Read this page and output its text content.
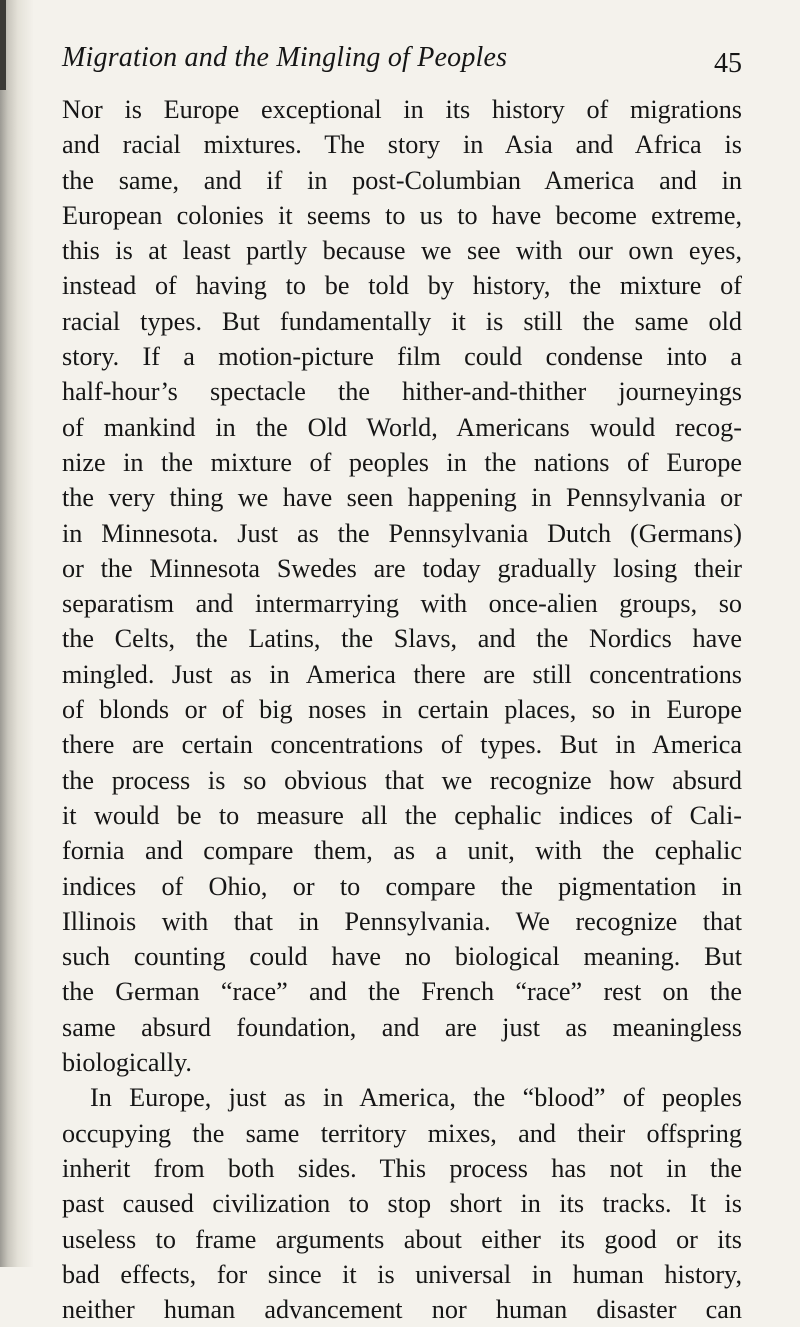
Migration and the Mingling of Peoples	45
Nor is Europe exceptional in its history of migrations
and racial mixtures. The story in Asia and Africa is
the same, and if in post-Columbian America and in
European colonies it seems to us to have become extreme,
this is at least partly because we see with our own eyes,
instead of having to be told by history, the mixture of
racial types. But fundamentally it is still the same old
story. If a motion-picture film could condense into a
half-hour’s spectacle the hither-and-thither journeyings
of mankind in the Old World, Americans would recog-
nize in the mixture of peoples in the nations of Europe
the very thing we have seen happening in Pennsylvania or
in Minnesota. Just as the Pennsylvania Dutch (Germans)
or the Minnesota Swedes are today gradually losing their
separatism and intermarrying with once-alien groups, so
the Celts, the Latins, the Slavs, and the Nordics have
mingled. Just as in America there are still concentrations
of blonds or of big noses in certain places, so in Europe
there are certain concentrations of types. But in America
the process is so obvious that we recognize how absurd
it would be to measure all the cephalic indices of Cali-
fornia and compare them, as a unit, with the cephalic
indices of Ohio, or to compare the pigmentation in
Illinois with that in Pennsylvania. We recognize that
such counting could have no biological meaning. But
the German “race” and the French “race” rest on the
same absurd foundation, and are just as meaningless
biologically.
In Europe, just as in America, the “blood” of peoples
occupying the same territory mixes, and their offspring
inherit from both sides. This process has not in the
past caused civilization to stop short in its tracks. It is
useless to frame arguments about either its good or its
bad effects, for since it is universal in human history,
neither human advancement nor human disaster can
